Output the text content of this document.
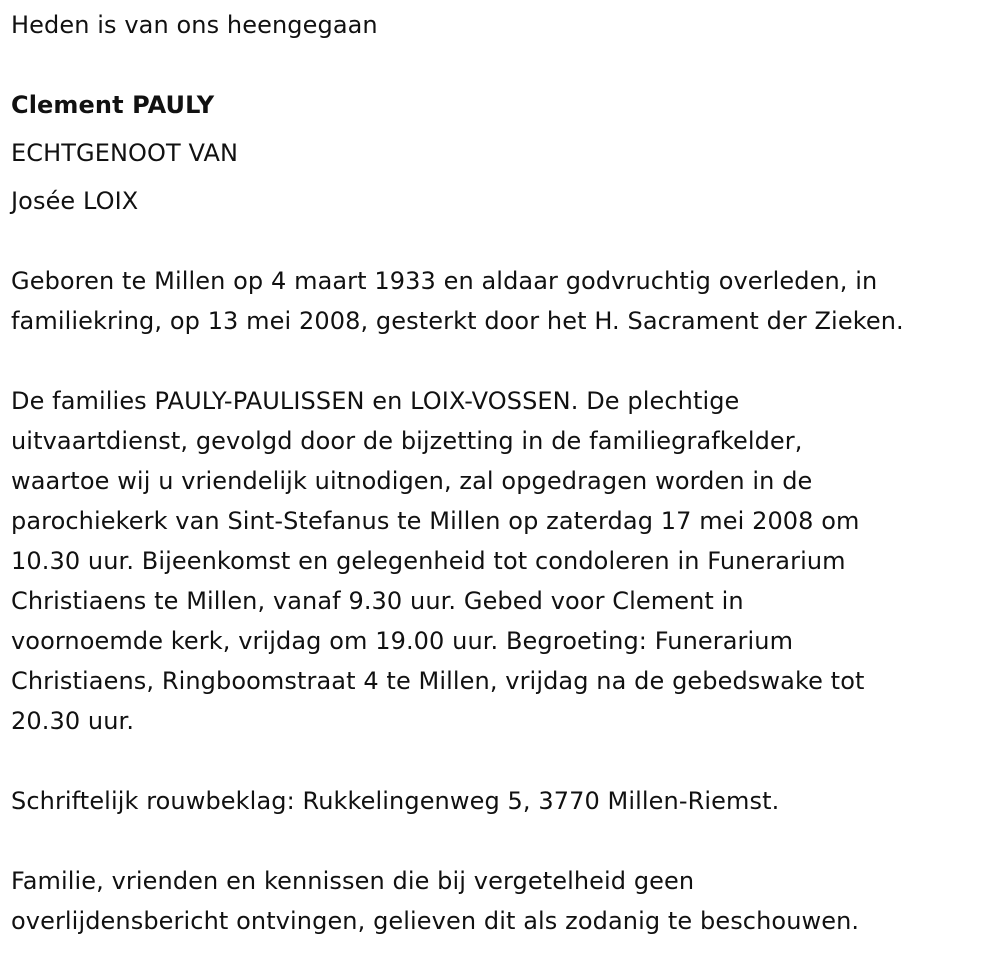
Heden is van ons heengegaan

Clement PAULY

ECHTGENOOT VAN

Josée LOIX

Geboren te Millen op 4 maart 1933 en aldaar godvruchtig overleden, in

familiekring, op 13 mei 2008, gesterkt door het H. Sacrament der Zieken.

De families PAULY-PAULISSEN en LOIX-VOSSEN. De plechtige

uitvaartdienst, gevolgd door de bijzetting in de familiegrafkelder,

waartoe wij u vriendelijk uitnodigen, zal opgedragen worden in de

parochiekerk van Sint-Stefanus te Millen op zaterdag 17 mei 2008 om

10.30 uur. Bijeenkomst en gelegenheid tot condoleren in Funerarium

Christiaens te Millen, vanaf 9.30 uur. Gebed voor Clement in

voornoemde kerk, vrijdag om 19.00 uur. Begroeting: Funerarium

Christiaens, Ringboomstraat 4 te Millen, vrijdag na de gebedswake tot

20.30 uur.

Schriftelijk rouwbeklag: Rukkelingenweg 5, 3770 Millen-Riemst.

Familie, vrienden en kennissen die bij vergetelheid geen

overlijdensbericht ontvingen, gelieven dit als zodanig te beschouwen.
